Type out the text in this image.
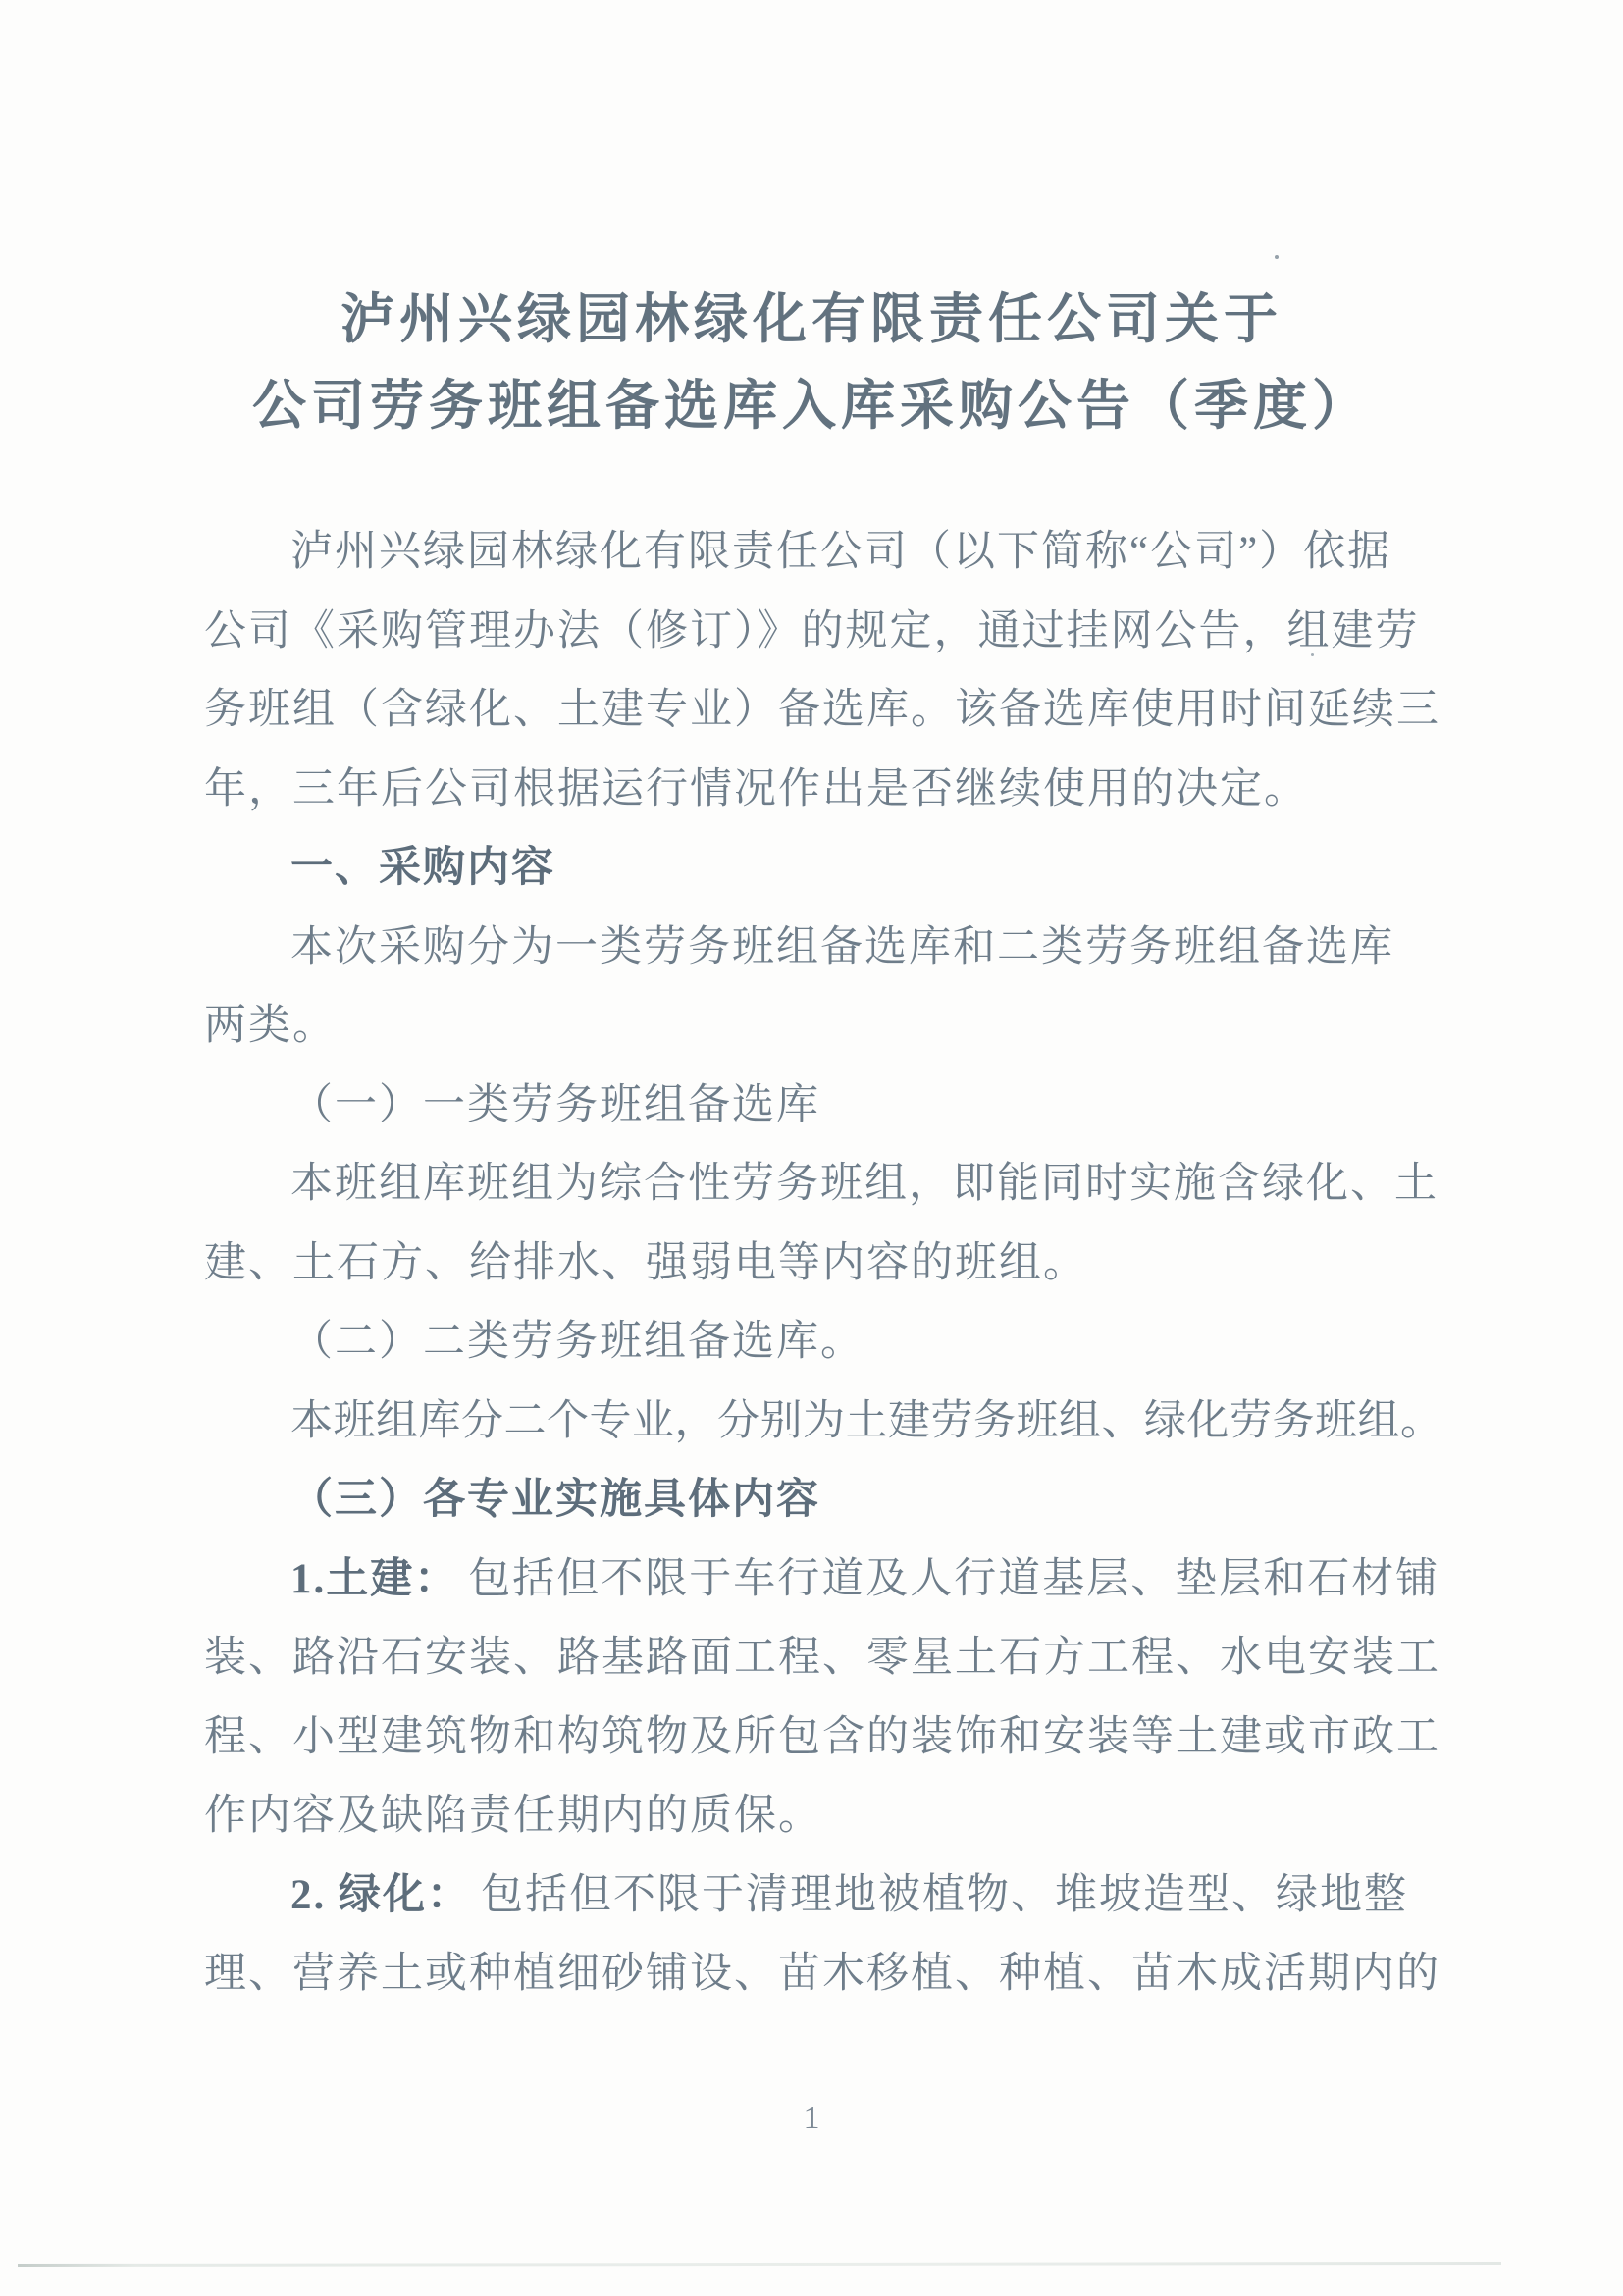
泸州兴绿园林绿化有限责任公司关于
公司劳务班组备选库入库采购公告（季度）
泸州兴绿园林绿化有限责任公司（以下简称“公司”）依据
公司《采购管理办法（修订）》的规定，通过挂网公告，组建劳
务班组（含绿化、土建专业）备选库。该备选库使用时间延续三
年，三年后公司根据运行情况作出是否继续使用的决定。
一、采购内容
本次采购分为一类劳务班组备选库和二类劳务班组备选库
两类。
（一）一类劳务班组备选库
本班组库班组为综合性劳务班组，即能同时实施含绿化、土
建、土石方、给排水、强弱电等内容的班组。
（二）二类劳务班组备选库。
本班组库分二个专业，分别为土建劳务班组、绿化劳务班组。
（三）各专业实施具体内容
1.土建： 包括但不限于车行道及人行道基层、垫层和石材铺
装、路沿石安装、路基路面工程、零星土石方工程、水电安装工
程、小型建筑物和构筑物及所包含的装饰和安装等土建或市政工
作内容及缺陷责任期内的质保。
2. 绿化： 包括但不限于清理地被植物、堆坡造型、绿地整
理、营养土或种植细砂铺设、苗木移植、种植、苗木成活期内的
1
